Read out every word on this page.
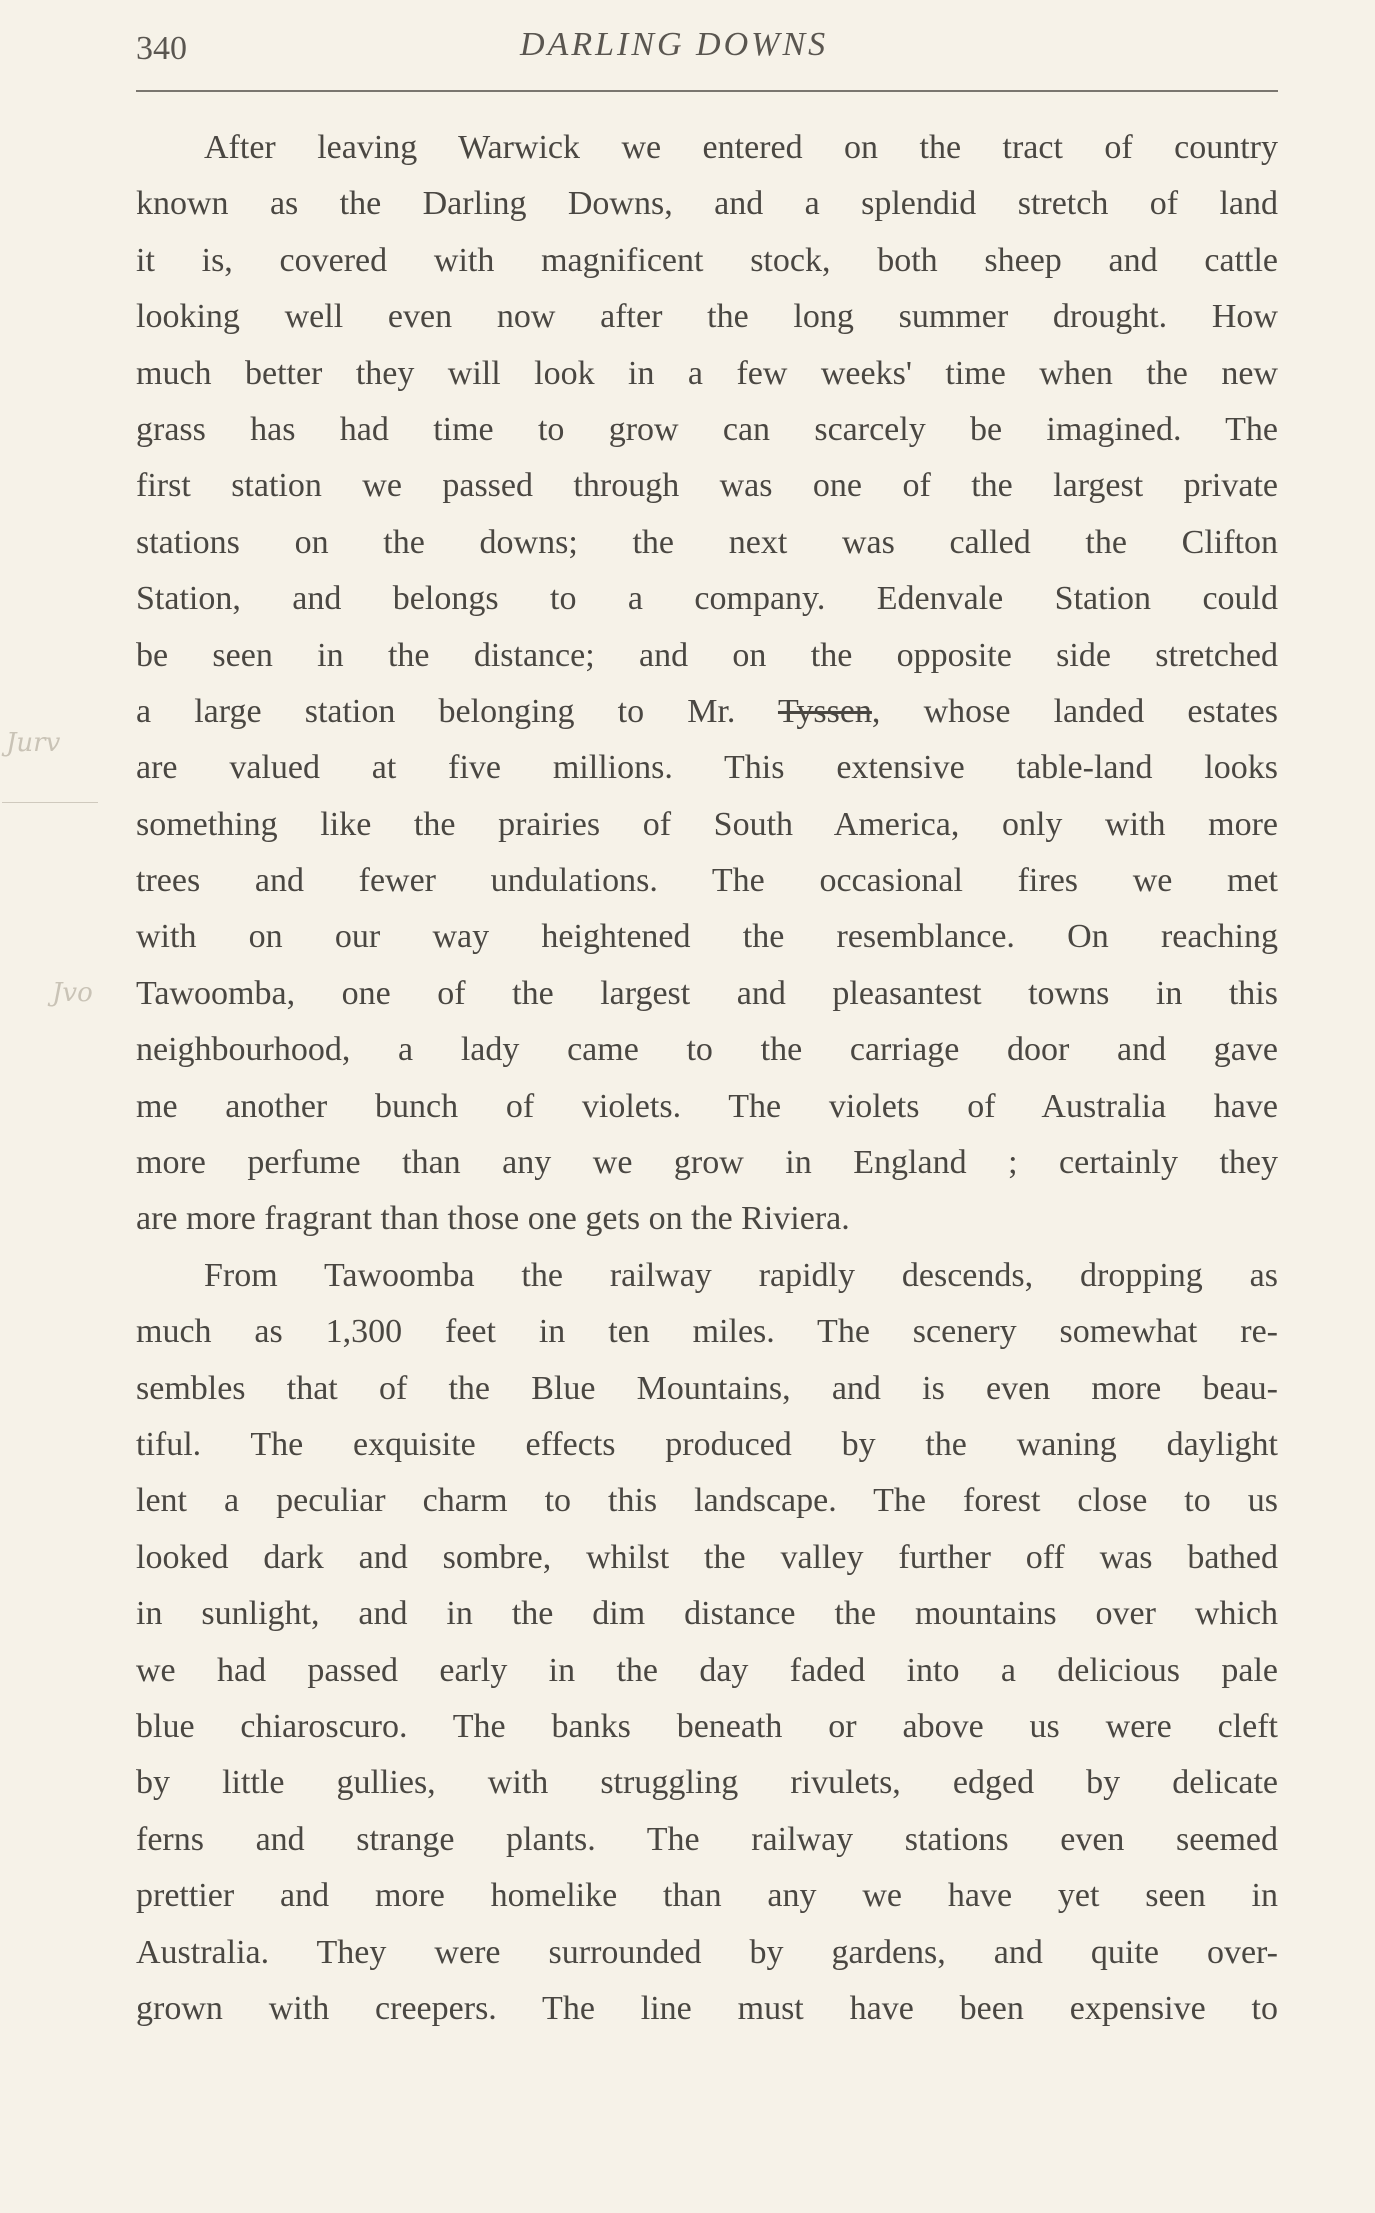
340	DARLING DOWNS
Jurv
Jvo
After leaving Warwick we entered on the tract of country
known as the Darling Downs, and a splendid stretch of land
it is, covered with magnificent stock, both sheep and cattle
looking well even now after the long summer drought. How
much better they will look in a few weeks' time when the new
grass has had time to grow can scarcely be imagined. The
first station we passed through was one of the largest private
stations on the downs; the next was called the Clifton
Station, and belongs to a company. Edenvale Station could
be seen in the distance; and on the opposite side stretched
a large station belonging to Mr. Tyssen, whose landed estates
are valued at five millions. This extensive table-land looks
something like the prairies of South America, only with more
trees and fewer undulations. The occasional fires we met
with on our way heightened the resemblance. On reaching
Tawoomba, one of the largest and pleasantest towns in this
neighbourhood, a lady came to the carriage door and gave
me another bunch of violets. The violets of Australia have
more perfume than any we grow in England ; certainly they
are more fragrant than those one gets on the Riviera.
From Tawoomba the railway rapidly descends, dropping as
much as 1,300 feet in ten miles. The scenery somewhat re-
sembles that of the Blue Mountains, and is even more beau-
tiful. The exquisite effects produced by the waning daylight
lent a peculiar charm to this landscape. The forest close to us
looked dark and sombre, whilst the valley further off was bathed
in sunlight, and in the dim distance the mountains over which
we had passed early in the day faded into a delicious pale
blue chiaroscuro. The banks beneath or above us were cleft
by little gullies, with struggling rivulets, edged by delicate
ferns and strange plants. The railway stations even seemed
prettier and more homelike than any we have yet seen in
Australia. They were surrounded by gardens, and quite over-
grown with creepers. The line must have been expensive to
